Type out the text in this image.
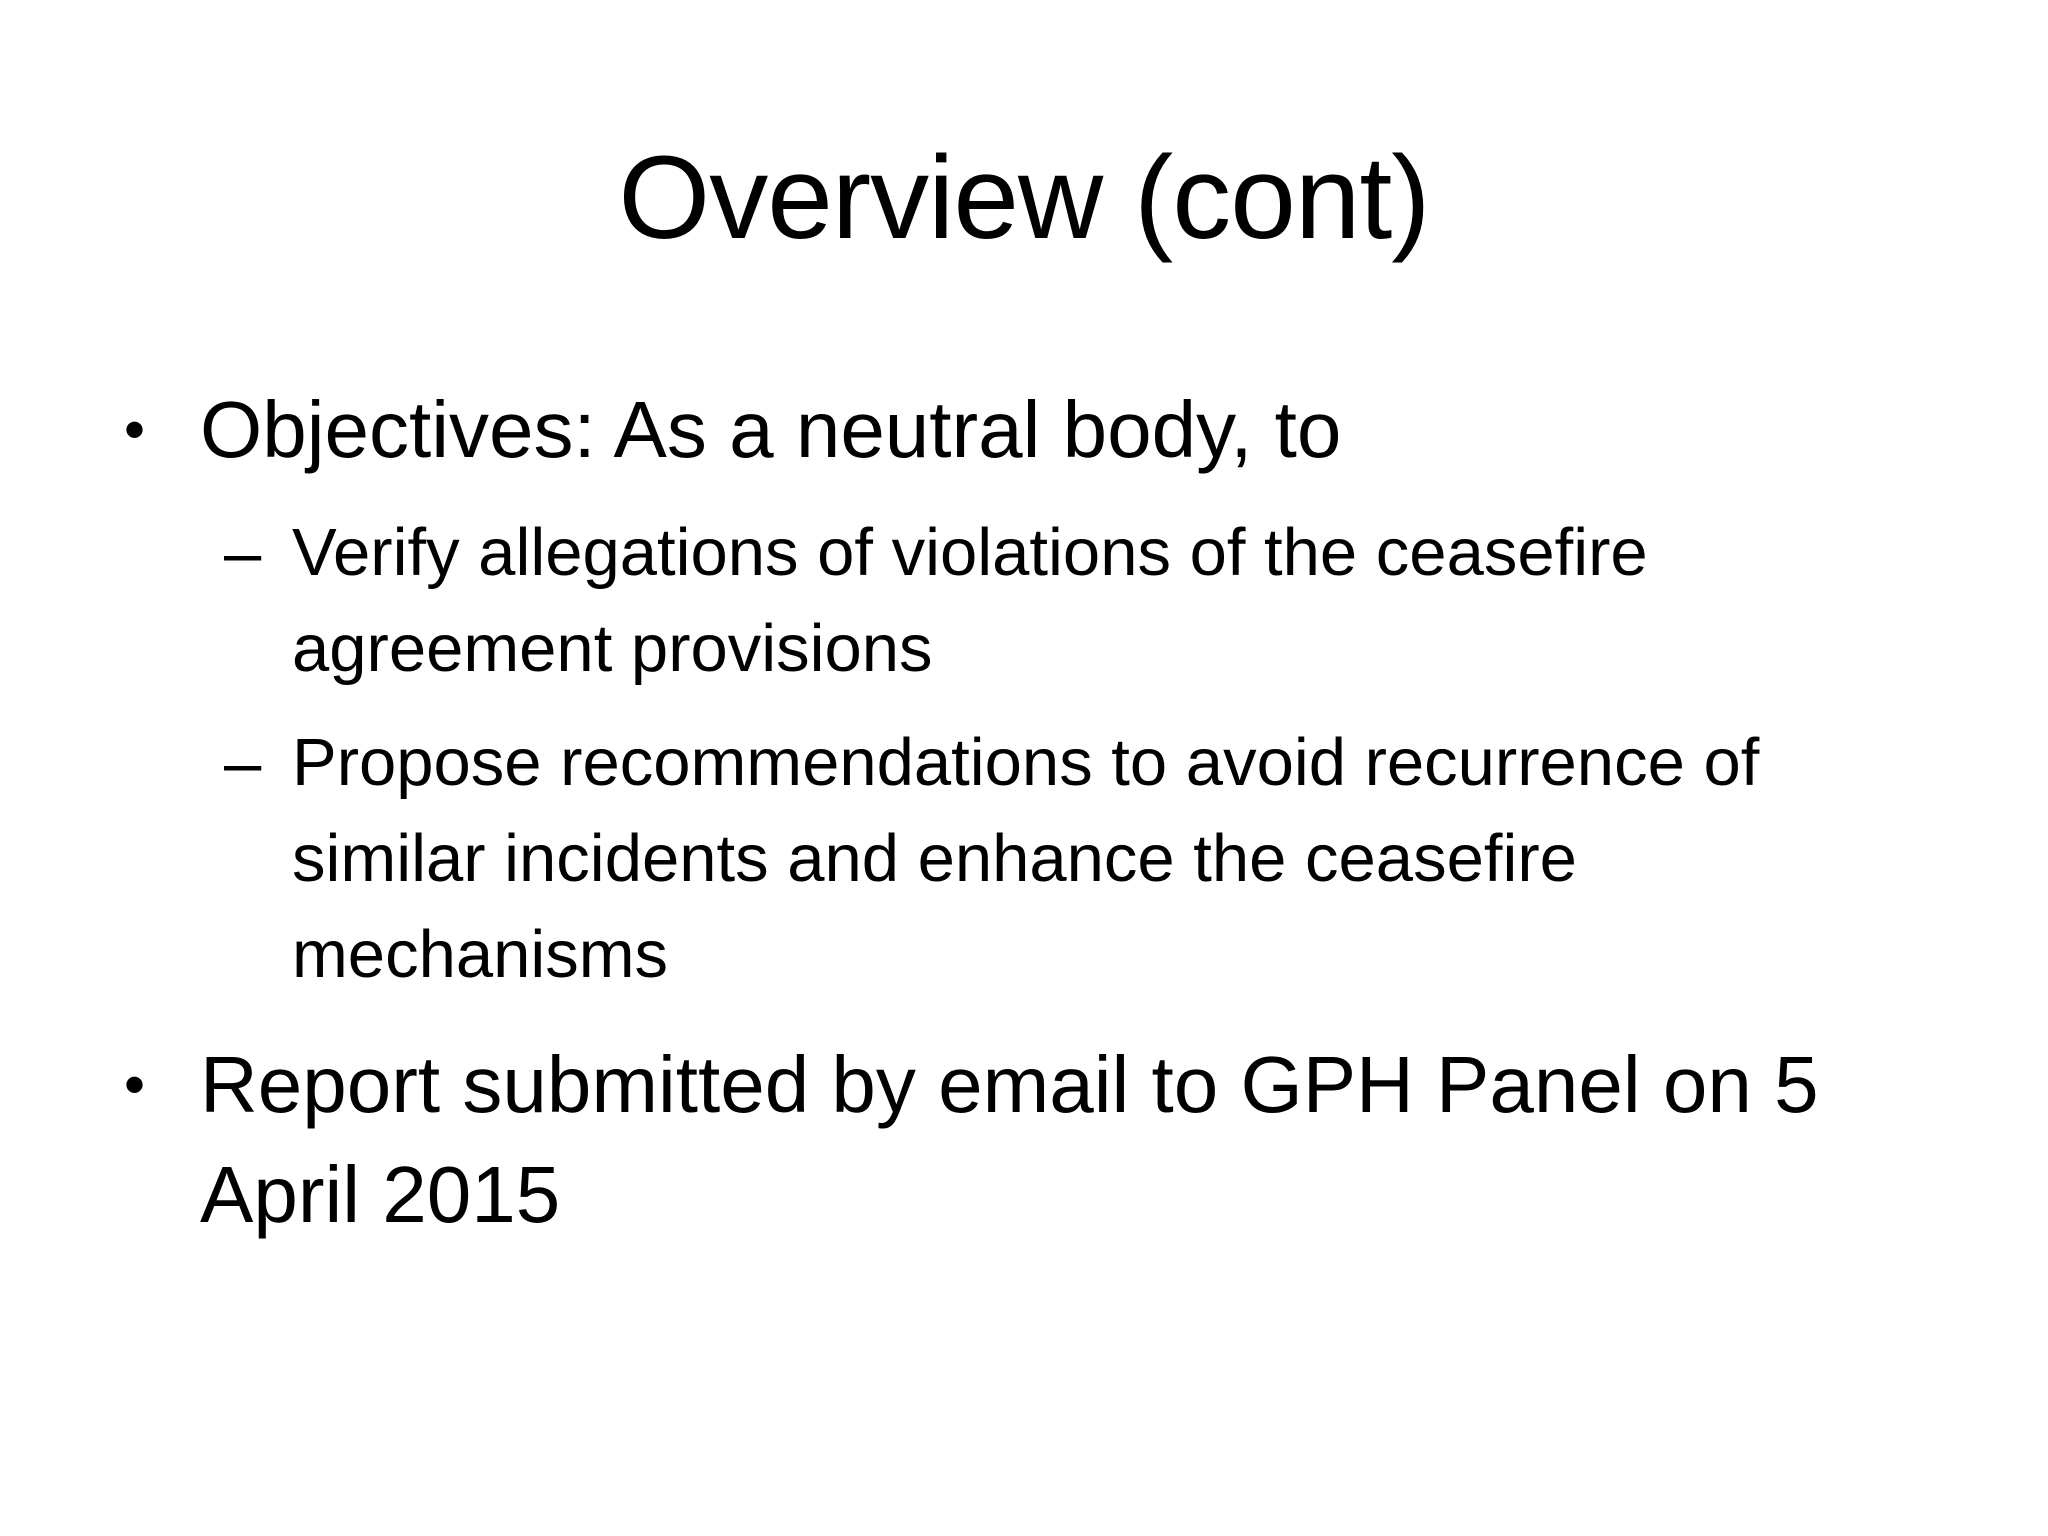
Overview (cont)
• Objectives: As a neutral body, to
– Verify allegations of violations of the ceasefire agreement provisions
– Propose recommendations to avoid recurrence of similar incidents and enhance the ceasefire mechanisms
• Report submitted by email to GPH Panel on 5 April 2015
